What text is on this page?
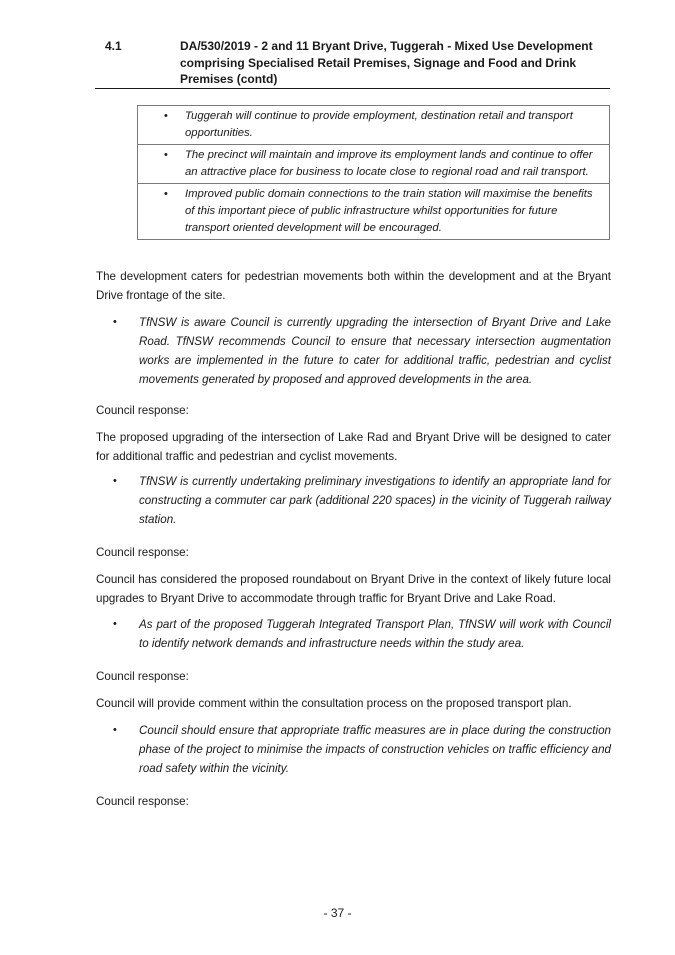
4.1	DA/530/2019 - 2 and 11 Bryant Drive, Tuggerah - Mixed Use Development comprising Specialised Retail Premises, Signage and Food and Drink Premises (contd)
• Tuggerah will continue to provide employment, destination retail and transport opportunities.
• The precinct will maintain and improve its employment lands and continue to offer an attractive place for business to locate close to regional road and rail transport.
• Improved public domain connections to the train station will maximise the benefits of this important piece of public infrastructure whilst opportunities for future transport oriented development will be encouraged.
The development caters for pedestrian movements both within the development and at the Bryant Drive frontage of the site.
• TfNSW is aware Council is currently upgrading the intersection of Bryant Drive and Lake Road. TfNSW recommends Council to ensure that necessary intersection augmentation works are implemented in the future to cater for additional traffic, pedestrian and cyclist movements generated by proposed and approved developments in the area.
Council response:
The proposed upgrading of the intersection of Lake Rad and Bryant Drive will be designed to cater for additional traffic and pedestrian and cyclist movements.
• TfNSW is currently undertaking preliminary investigations to identify an appropriate land for constructing a commuter car park (additional 220 spaces) in the vicinity of Tuggerah railway station.
Council response:
Council has considered the proposed roundabout on Bryant Drive in the context of likely future local upgrades to Bryant Drive to accommodate through traffic for Bryant Drive and Lake Road.
• As part of the proposed Tuggerah Integrated Transport Plan, TfNSW will work with Council to identify network demands and infrastructure needs within the study area.
Council response:
Council will provide comment within the consultation process on the proposed transport plan.
• Council should ensure that appropriate traffic measures are in place during the construction phase of the project to minimise the impacts of construction vehicles on traffic efficiency and road safety within the vicinity.
Council response:
- 37 -
